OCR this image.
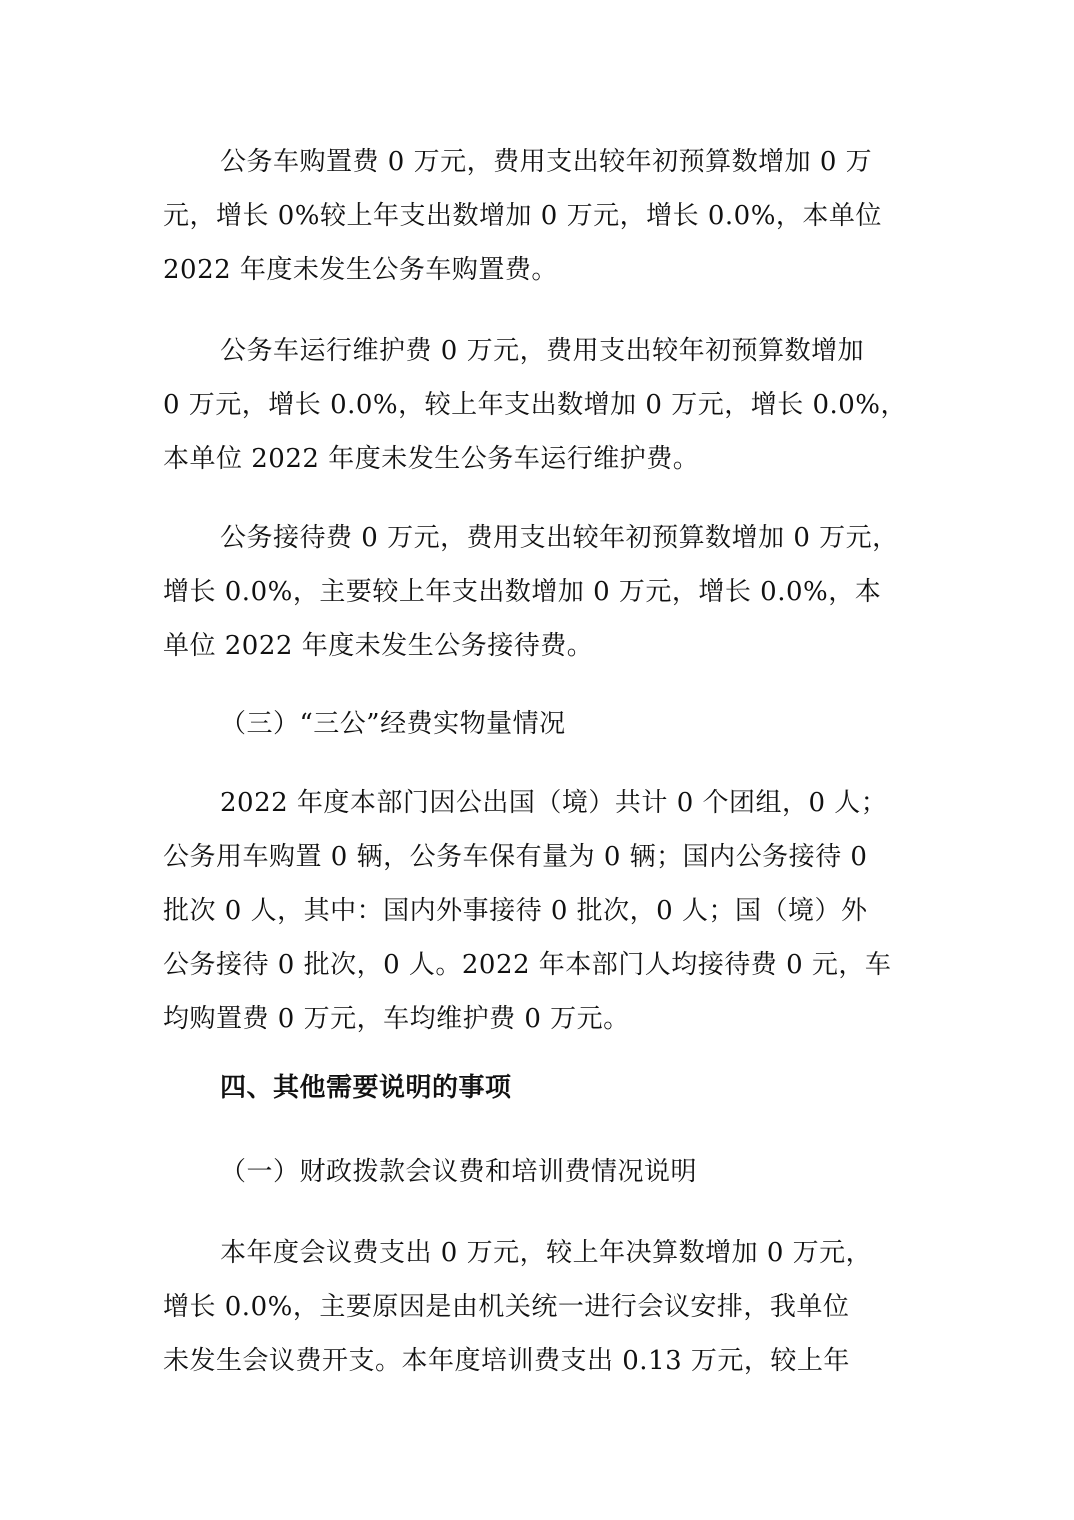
公务车购置费 0 万元，费用支出较年初预算数增加 0 万
元，增长 0%较上年支出数增加 0 万元，增长 0.0%，本单位
2022 年度未发生公务车购置费。
公务车运行维护费 0 万元，费用支出较年初预算数增加
0 万元，增长 0.0%，较上年支出数增加 0 万元，增长 0.0%，
本单位 2022 年度未发生公务车运行维护费。
公务接待费 0 万元，费用支出较年初预算数增加 0 万元，
增长 0.0%，主要较上年支出数增加 0 万元，增长 0.0%，本
单位 2022 年度未发生公务接待费。
（三）“三公”经费实物量情况
2022 年度本部门因公出国（境）共计 0 个团组，0 人；
公务用车购置 0 辆，公务车保有量为 0 辆；国内公务接待 0
批次 0 人，其中：国内外事接待 0 批次，0 人；国（境）外
公务接待 0 批次，0 人。2022 年本部门人均接待费 0 元，车
均购置费 0 万元，车均维护费 0 万元。
四、其他需要说明的事项
（一）财政拨款会议费和培训费情况说明
本年度会议费支出 0 万元，较上年决算数增加 0 万元，
增长 0.0%，主要原因是由机关统一进行会议安排，我单位
未发生会议费开支。本年度培训费支出 0.13 万元，较上年
